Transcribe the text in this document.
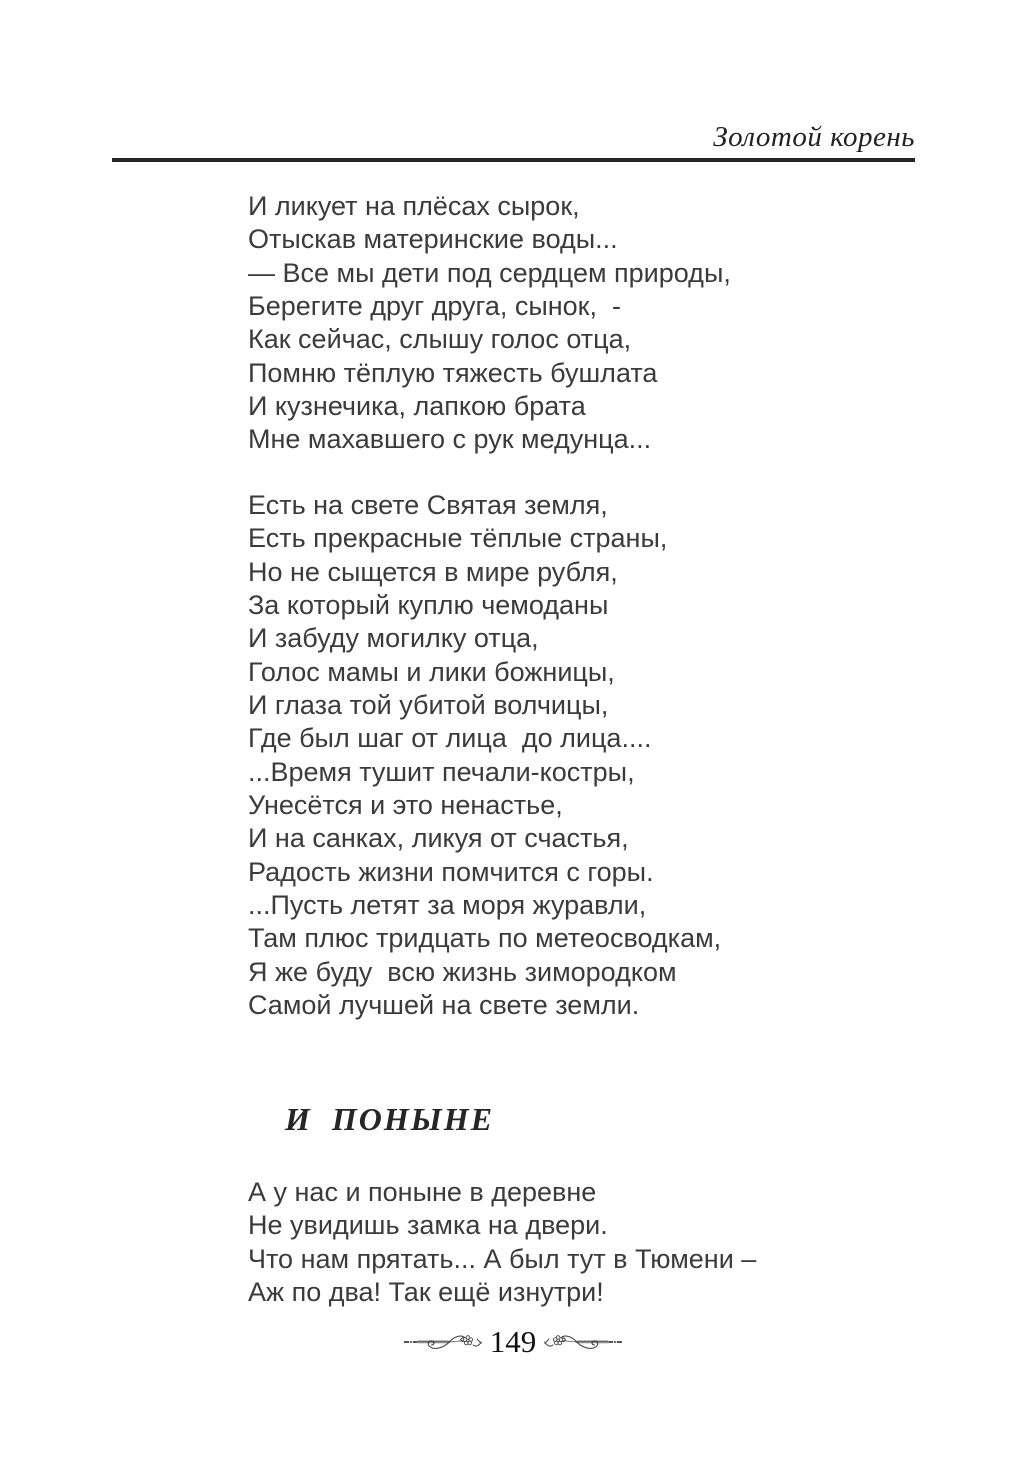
Золотой корень
И ликует на плёсах сырок,
Отыскав материнские воды...
— Все мы дети под сердцем природы,
Берегите друг друга, сынок,  -
Как сейчас, слышу голос отца,
Помню тёплую тяжесть бушлата
И кузнечика, лапкою брата
Мне махавшего с рук медунца...
Есть на свете Святая земля,
Есть прекрасные тёплые страны,
Но не сыщется в мире рубля,
За который куплю чемоданы
И забуду могилку отца,
Голос мамы и лики божницы,
И глаза той убитой волчицы,
Где был шаг от лица  до лица....
...Время тушит печали-костры,
Унесётся и это ненастье,
И на санках, ликуя от счастья,
Радость жизни помчится с горы.
...Пусть летят за моря журавли,
Там плюс тридцать по метеосводкам,
Я же буду  всю жизнь зимородком
Самой лучшей на свете земли.
И  ПОНЫНЕ
А у нас и поныне в деревне
Не увидишь замка на двери.
Что нам прятать... А был тут в Тюмени –
Аж по два! Так ещё изнутри!
149
